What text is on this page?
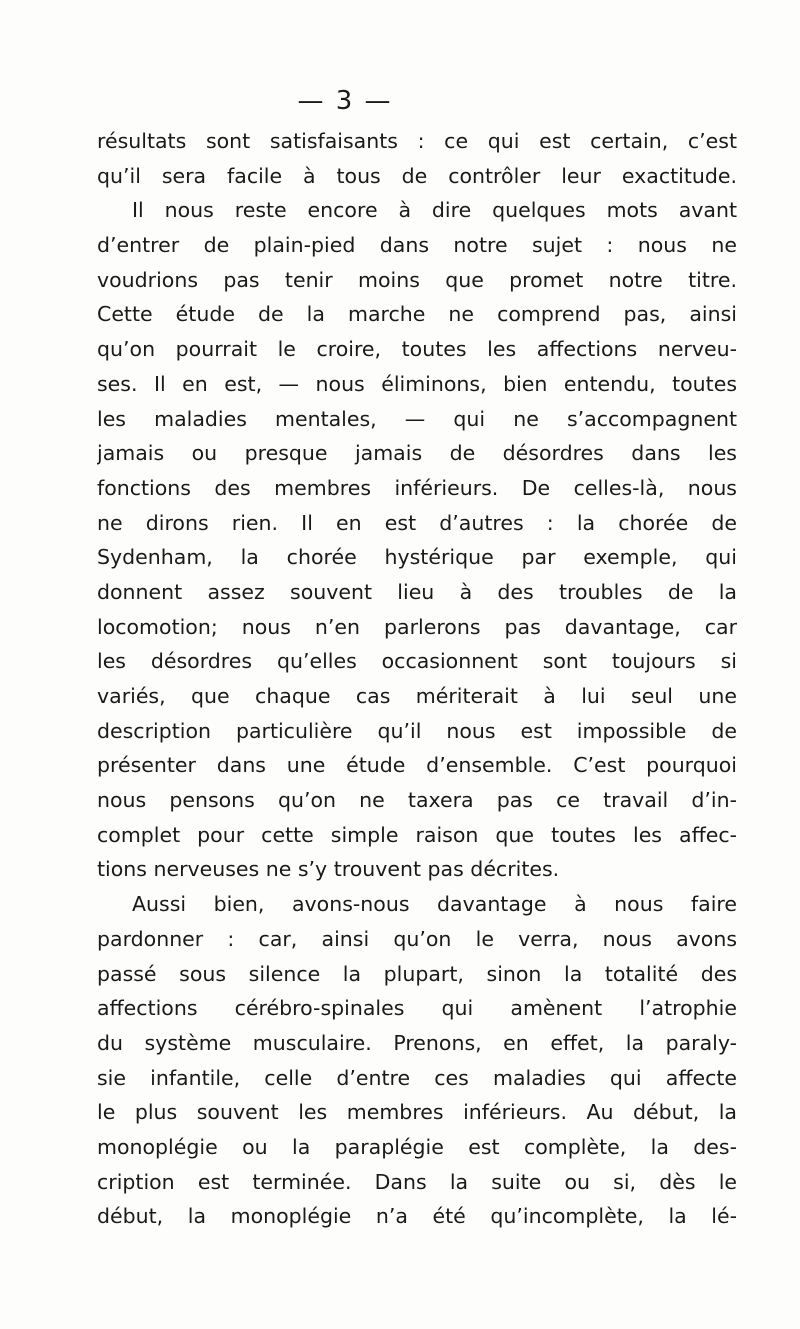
— 3 —
résultats sont satisfaisants : ce qui est certain, c’est
qu’il sera facile à tous de contrôler leur exactitude.
Il nous reste encore à dire quelques mots avant
d’entrer de plain-pied dans notre sujet : nous ne
voudrions pas tenir moins que promet notre titre.
Cette étude de la marche ne comprend pas, ainsi
qu’on pourrait le croire, toutes les affections nerveu-
ses. Il en est, — nous éliminons, bien entendu, toutes
les maladies mentales, — qui ne s’accompagnent
jamais ou presque jamais de désordres dans les
fonctions des membres inférieurs. De celles-là, nous
ne dirons rien. Il en est d’autres : la chorée de
Sydenham, la chorée hystérique par exemple, qui
donnent assez souvent lieu à des troubles de la
locomotion; nous n’en parlerons pas davantage, car
les désordres qu’elles occasionnent sont toujours si
variés, que chaque cas mériterait à lui seul une
description particulière qu’il nous est impossible de
présenter dans une étude d’ensemble. C’est pourquoi
nous pensons qu’on ne taxera pas ce travail d’in-
complet pour cette simple raison que toutes les affec-
tions nerveuses ne s’y trouvent pas décrites.
Aussi bien, avons-nous davantage à nous faire
pardonner : car, ainsi qu’on le verra, nous avons
passé sous silence la plupart, sinon la totalité des
affections cérébro-spinales qui amènent l’atrophie
du système musculaire. Prenons, en effet, la paraly-
sie infantile, celle d’entre ces maladies qui affecte
le plus souvent les membres inférieurs. Au début, la
monoplégie ou la paraplégie est complète, la des-
cription est terminée. Dans la suite ou si, dès le
début, la monoplégie n’a été qu’incomplète, la lé-
